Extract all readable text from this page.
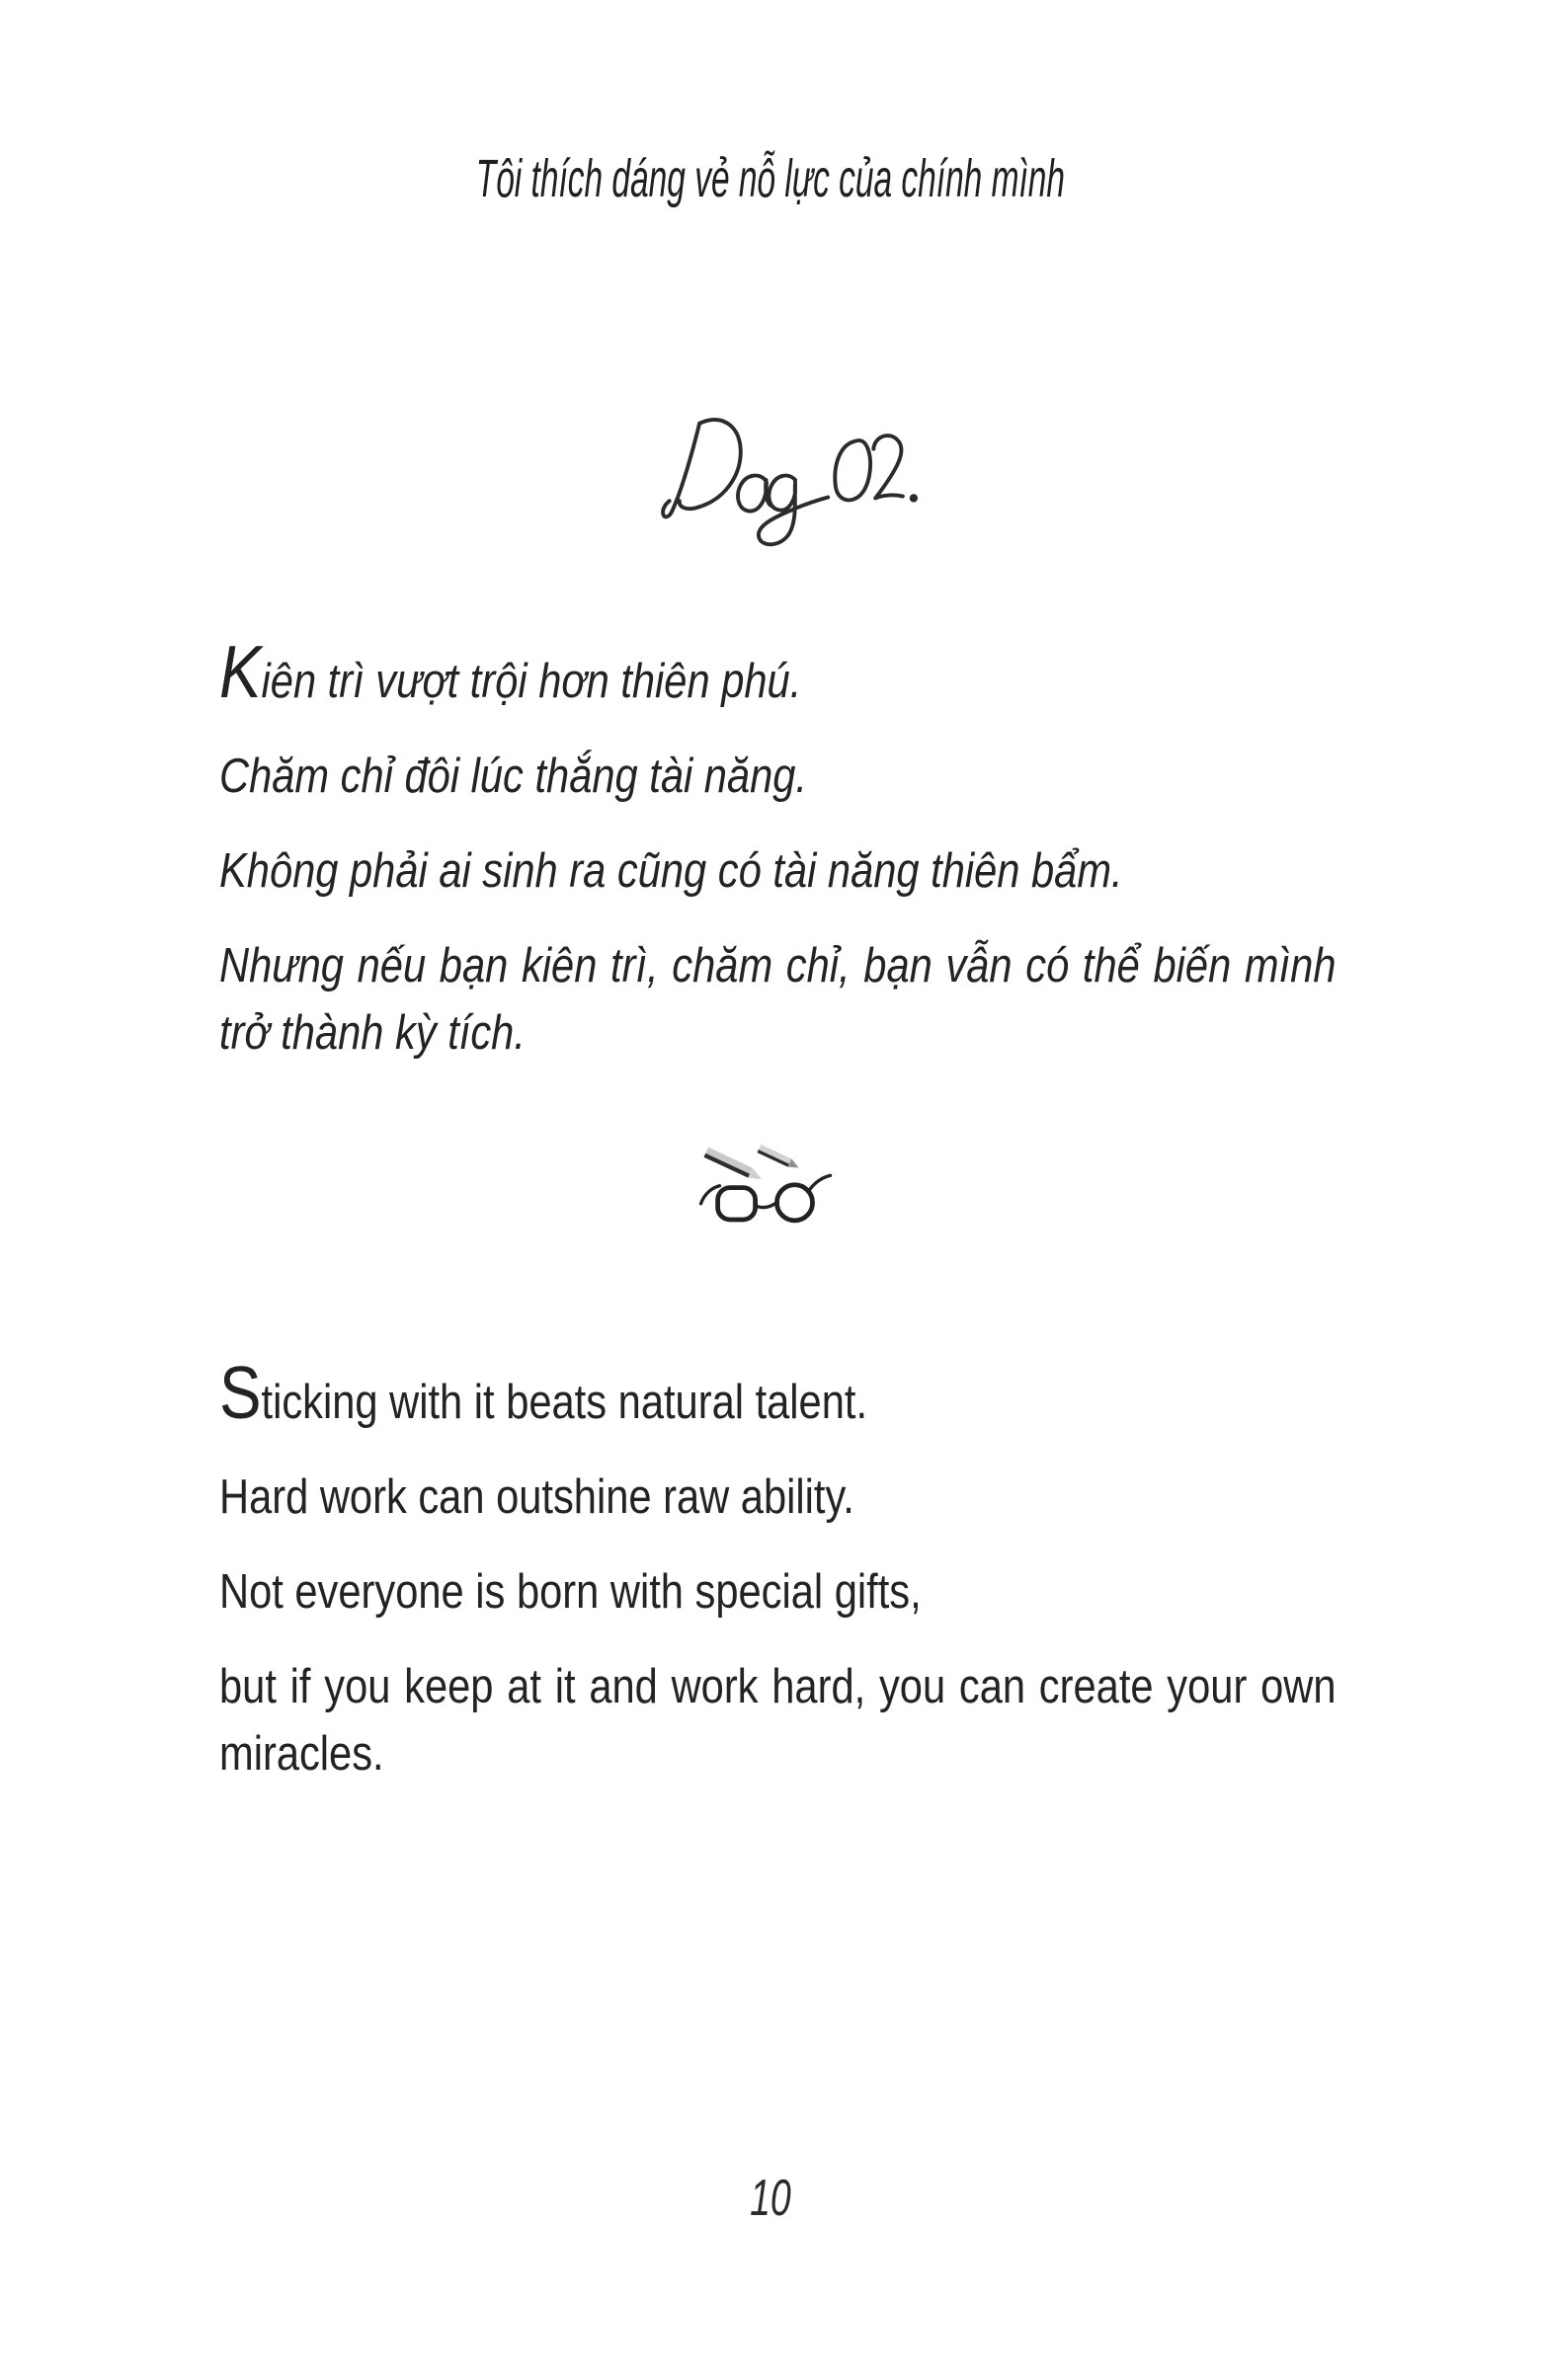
Tôi thích dáng vẻ nỗ lực của chính mình

Kiên trì vượt trội hơn thiên phú.

Chăm chỉ đôi lúc thắng tài năng.

Không phải ai sinh ra cũng có tài năng thiên bẩm.

Nhưng nếu bạn kiên trì, chăm chỉ, bạn vẫn có thể biến mình trở thành kỳ tích.

Sticking with it beats natural talent.

Hard work can outshine raw ability.

Not everyone is born with special gifts,

but if you keep at it and work hard, you can create your own miracles.

10
